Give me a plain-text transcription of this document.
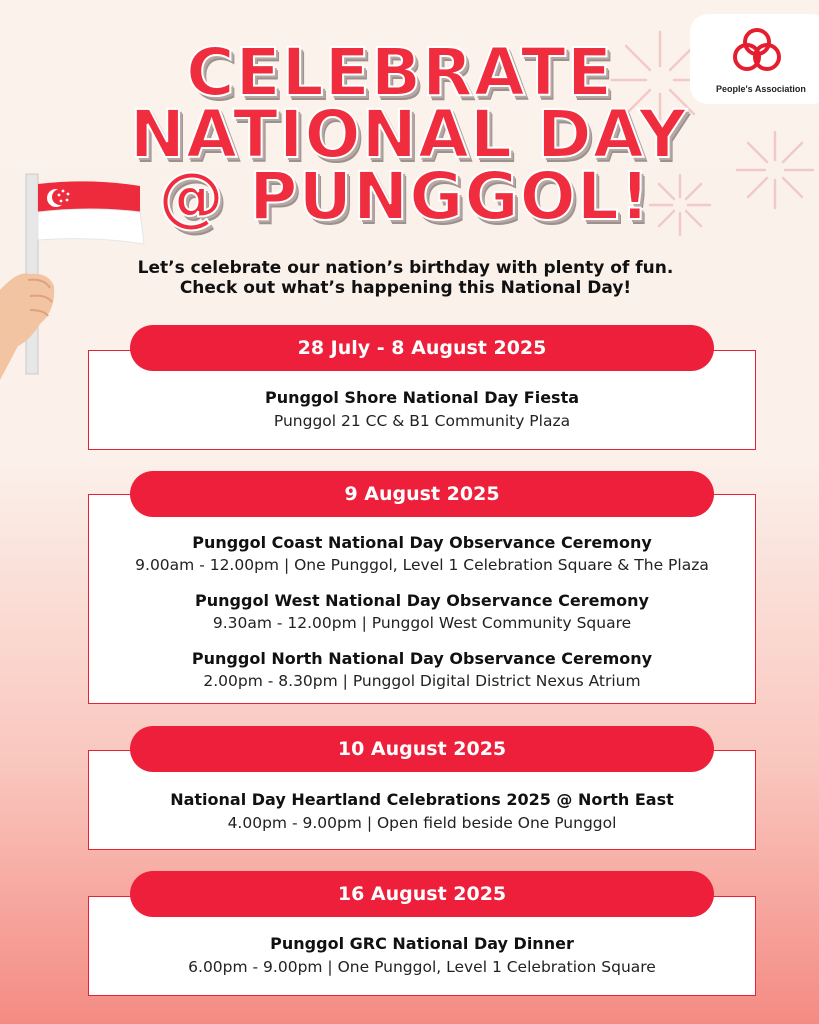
People's Association
CELEBRATE
NATIONAL DAY
@ PUNGGOL!
Let’s celebrate our nation’s birthday with plenty of fun.
Check out what’s happening this National Day!
Punggol Shore National Day Fiesta
Punggol 21 CC & B1 Community Plaza
28 July - 8 August 2025
Punggol Coast National Day Observance Ceremony
9.00am - 12.00pm | One Punggol, Level 1 Celebration Square & The Plaza
Punggol West National Day Observance Ceremony
9.30am - 12.00pm | Punggol West Community Square
Punggol North National Day Observance Ceremony
2.00pm - 8.30pm | Punggol Digital District Nexus Atrium
9 August 2025
National Day Heartland Celebrations 2025 @ North East
4.00pm - 9.00pm | Open field beside One Punggol
10 August 2025
Punggol GRC National Day Dinner
6.00pm - 9.00pm | One Punggol, Level 1 Celebration Square
16 August 2025
